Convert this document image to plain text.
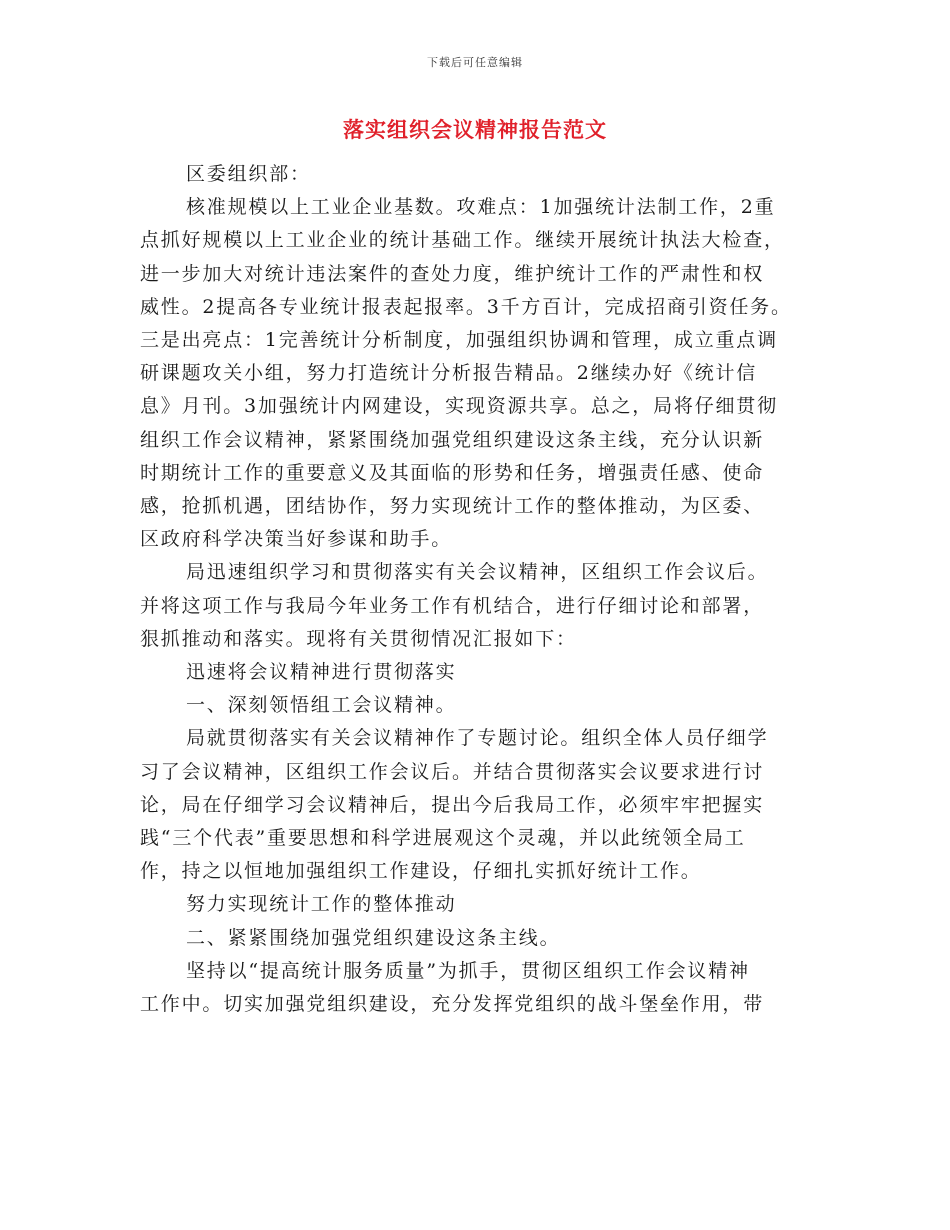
下载后可任意编辑
落实组织会议精神报告范文
区委组织部：
核准规模以上工业企业基数。攻难点：1加强统计法制工作，2重
点抓好规模以上工业企业的统计基础工作。继续开展统计执法大检查，
进一步加大对统计违法案件的查处力度，维护统计工作的严肃性和权
威性。2提高各专业统计报表起报率。3千方百计，完成招商引资任务。
三是出亮点：1完善统计分析制度，加强组织协调和管理，成立重点调
研课题攻关小组，努力打造统计分析报告精品。2继续办好《统计信
息》月刊。3加强统计内网建设，实现资源共享。总之，局将仔细贯彻
组织工作会议精神，紧紧围绕加强党组织建设这条主线，充分认识新
时期统计工作的重要意义及其面临的形势和任务，增强责任感、使命
感，抢抓机遇，团结协作，努力实现统计工作的整体推动，为区委、
区政府科学决策当好参谋和助手。
局迅速组织学习和贯彻落实有关会议精神，区组织工作会议后。
并将这项工作与我局今年业务工作有机结合，进行仔细讨论和部署，
狠抓推动和落实。现将有关贯彻情况汇报如下：
迅速将会议精神进行贯彻落实
一、深刻领悟组工会议精神。
局就贯彻落实有关会议精神作了专题讨论。组织全体人员仔细学
习了会议精神，区组织工作会议后。并结合贯彻落实会议要求进行讨
论，局在仔细学习会议精神后，提出今后我局工作，必须牢牢把握实
践“三个代表”重要思想和科学进展观这个灵魂，并以此统领全局工
作，持之以恒地加强组织工作建设，仔细扎实抓好统计工作。
努力实现统计工作的整体推动
二、紧紧围绕加强党组织建设这条主线。
坚持以“提高统计服务质量”为抓手，贯彻区组织工作会议精神
工作中。切实加强党组织建设，充分发挥党组织的战斗堡垒作用，带
